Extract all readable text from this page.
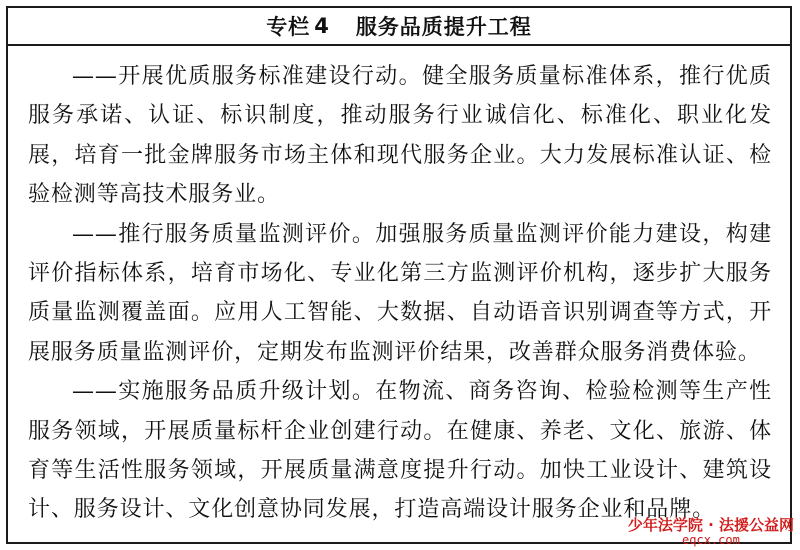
专栏 4 服务品质提升工程

——开展优质服务标准建设行动。健全服务质量标准体系，推行优质服务承诺、认证、标识制度，推动服务行业诚信化、标准化、职业化发展，培育一批金牌服务市场主体和现代服务企业。大力发展标准认证、检验检测等高技术服务业。

——推行服务质量监测评价。加强服务质量监测评价能力建设，构建评价指标体系，培育市场化、专业化第三方监测评价机构，逐步扩大服务质量监测覆盖面。应用人工智能、大数据、自动语音识别调查等方式，开展服务质量监测评价，定期发布监测评价结果，改善群众服务消费体验。

——实施服务品质升级计划。在物流、商务咨询、检验检测等生产性服务领域，开展质量标杆企业创建行动。在健康、养老、文化、旅游、体育等生活性服务领域，开展质量满意度提升行动。加快工业设计、建筑设计、服务设计、文化创意协同发展，打造高端设计服务企业和品牌。

少年法学院 · 法援公益网
eqcx.com
